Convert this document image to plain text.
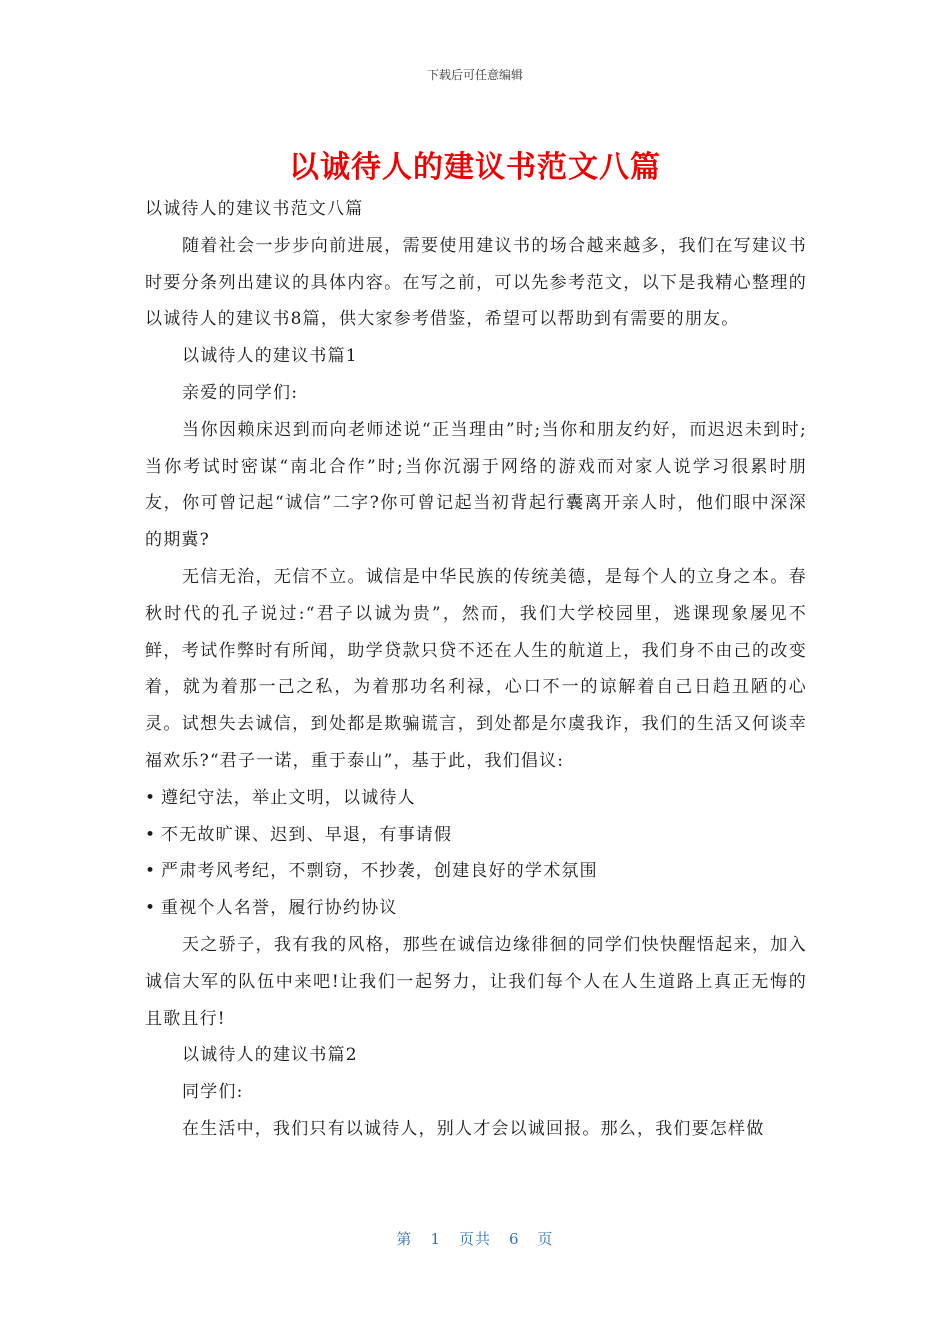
下载后可任意编辑
以诚待人的建议书范文八篇

以诚待人的建议书范文八篇

随着社会一步步向前进展，需要使用建议书的场合越来越多，我们在写建议书时要分条列出建议的具体内容。在写之前，可以先参考范文，以下是我精心整理的以诚待人的建议书8篇，供大家参考借鉴，希望可以帮助到有需要的朋友。

以诚待人的建议书篇1

亲爱的同学们:

当你因赖床迟到而向老师述说“正当理由”时;当你和朋友约好，而迟迟未到时;当你考试时密谋“南北合作”时;当你沉溺于网络的游戏而对家人说学习很累时朋友，你可曾记起“诚信”二字?你可曾记起当初背起行囊离开亲人时，他们眼中深深的期冀?

无信无治，无信不立。诚信是中华民族的传统美德，是每个人的立身之本。春秋时代的孔子说过:“君子以诚为贵”，然而，我们大学校园里，逃课现象屡见不鲜，考试作弊时有所闻，助学贷款只贷不还在人生的航道上，我们身不由己的改变着，就为着那一己之私，为着那功名利禄，心口不一的谅解着自己日趋丑陋的心灵。试想失去诚信，到处都是欺骗谎言，到处都是尔虞我诈，我们的生活又何谈幸福欢乐?“君子一诺，重于泰山”，基于此，我们倡议:

• 遵纪守法，举止文明，以诚待人

• 不无故旷课、迟到、早退，有事请假

• 严肃考风考纪，不剽窃，不抄袭，创建良好的学术氛围

• 重视个人名誉，履行协约协议

天之骄子，我有我的风格，那些在诚信边缘徘徊的同学们快快醒悟起来，加入诚信大军的队伍中来吧!让我们一起努力，让我们每个人在人生道路上真正无悔的且歌且行!

以诚待人的建议书篇2

同学们:

在生活中，我们只有以诚待人，别人才会以诚回报。那么，我们要怎样做

第 1 页共 6 页
